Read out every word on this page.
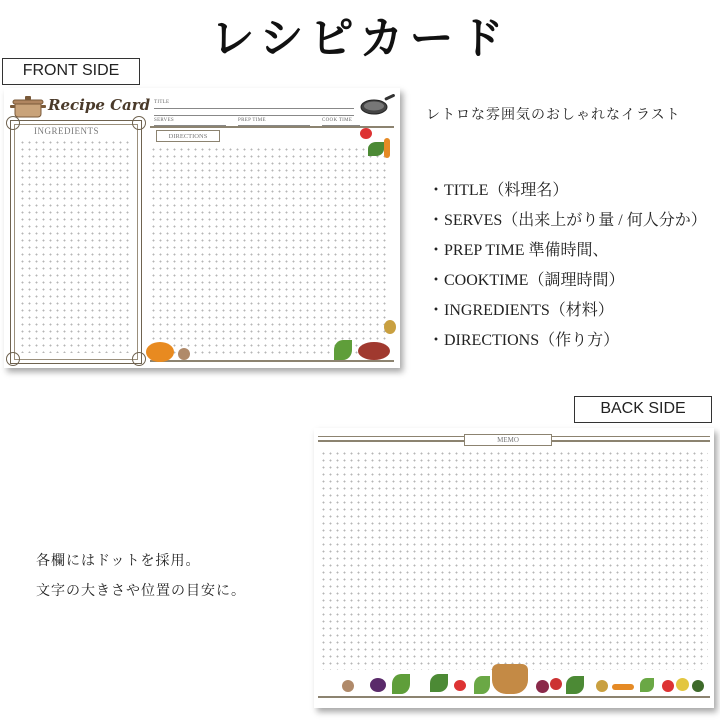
レシピカード
FRONT SIDE
Recipe Card TITLE
SERVES	PREP TIME	COOK TIME
INGREDIENTS	DIRECTIONS
レトロな雰囲気のおしゃれなイラスト
・TITLE（料理名）
・SERVES（出来上がり量 / 何人分か）
・PREP TIME 準備時間、
・COOKTIME（調理時間）
・INGREDIENTS（材料）
・DIRECTIONS（作り方）
BACK SIDE
MEMO
各欄にはドットを採用。
文字の大きさや位置の目安に。
